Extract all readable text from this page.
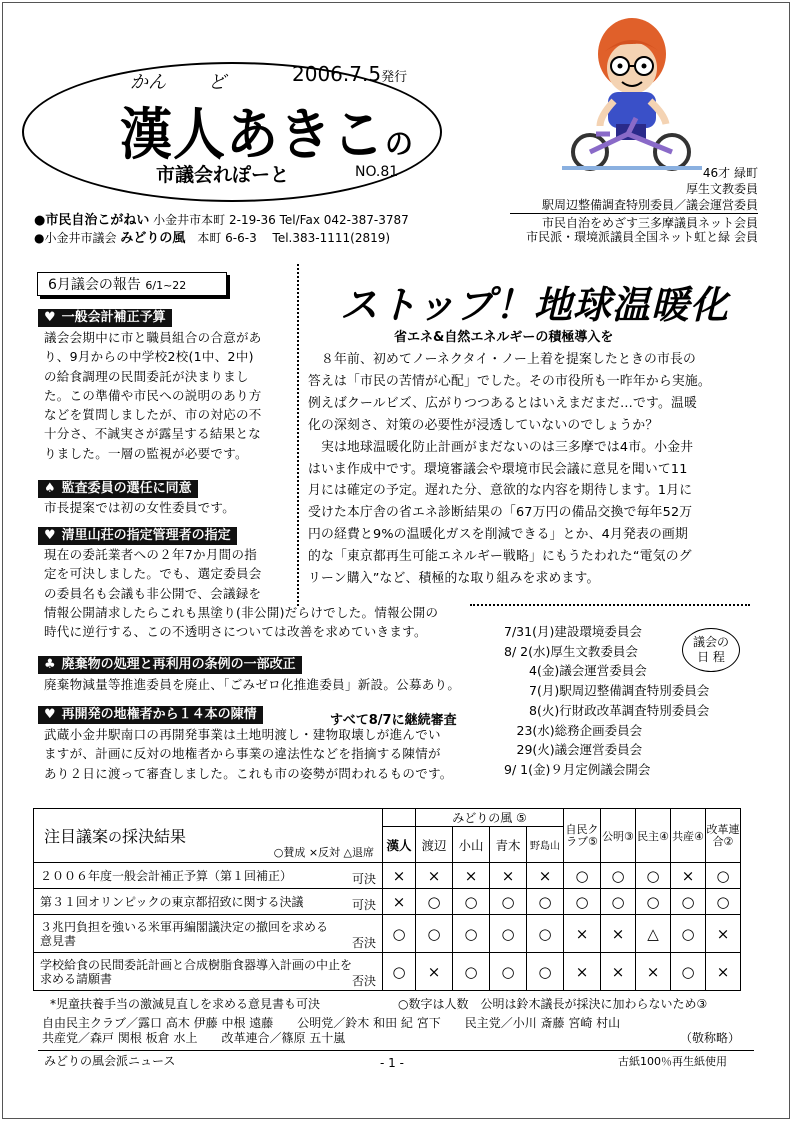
かん ど	2006.7.5発行
漢人あきこの
市議会れぽーと	NO.81
●市民自治こがねい 小金井市本町 2-19-36 Tel/Fax 042-387-3787
●小金井市議会 みどりの風　 本町 6-6-3　 Tel.383-1111(2819)
46才 緑町
厚生文教委員
駅周辺整備調査特別委員／議会運営委員
市民自治をめざす三多摩議員ネット会員
市民派・環境派議員全国ネット虹と緑 会員
6月議会の報告 6/1~22
♥ 一般会計補正予算
議会会期中に市と職員組合の合意があ
り、9月からの中学校2校(1中、2中)
の給食調理の民間委託が決まりまし
た。この準備や市民への説明のあり方
などを質問しましたが、市の対応の不
十分さ、不誠実さが露呈する結果とな
りました。一層の監視が必要です。
♠ 監査委員の選任に同意
市長提案では初の女性委員です。
♥ 清里山荘の指定管理者の指定
現在の委託業者への２年7か月間の指
定を可決しました。でも、選定委員会
の委員名も会議も非公開で、会議録を
情報公開請求したらこれも黒塗り(非公開)だらけでした。情報公開の
時代に逆行する、この不透明さについては改善を求めていきます。
♣ 廃棄物の処理と再利用の条例の一部改正
廃棄物減量等推進委員を廃止、「ごみゼロ化推進委員」新設。公募あり。
♥ 再開発の地権者から１４本の陳情	すべて8/7に継続審査
武蔵小金井駅南口の再開発事業は土地明渡し・建物取壊しが進んでい
ますが、計画に反対の地権者から事業の違法性などを指摘する陳情が
あり２日に渡って審査しました。これも市の姿勢が問われるものです。
ストップ！地球温暖化
省エネ&自然エネルギーの積極導入を
　８年前、初めてノーネクタイ・ノー上着を提案したときの市長の
答えは「市民の苦情が心配」でした。その市役所も一昨年から実施。
例えばクールビズ、広がりつつあるとはいえまだまだ…です。温暖
化の深刻さ、対策の必要性が浸透していないのでしょうか？
　実は地球温暖化防止計画がまだないのは三多摩では4市。小金井
はいま作成中です。環境審議会や環境市民会議に意見を聞いて11
月には確定の予定。遅れた分、意欲的な内容を期待します。1月に
受けた本庁舎の省エネ診断結果の「67万円の備品交換で毎年52万
円の経費と9%の温暖化ガスを削減できる」とか、4月発表の画期
的な「東京都再生可能エネルギー戦略」にもうたわれた“電気のグ
リーン購入”など、積極的な取り組みを求めます。
7/31(月)建設環境委員会
8/ 2(水)厚生文教委員会
　　4(金)議会運営委員会
　　7(月)駅周辺整備調査特別委員会
　　8(火)行財政改革調査特別委員会
　23(水)総務企画委員会
　29(火)議会運営委員会
9/ 1(金)９月定例議会開会
議会の
日 程
注目議案の採決結果
○賛成 ×反対 △退席		みどりの風 ⑤				自民クラブ⑤	公明③	民主④	共産④	改革連合②
	漢人	渡辺	小山	青木	野島山					
２００６年度一般会計補正予算（第１回補正） 可決	×	×	×	×	×	○	○	○	×	○
第３１回オリンピックの東京都招致に関する決議 可決	×	○	○	○	○	○	○	○	○	○

３兆円負担を強いる米軍再編閣議決定の撤回を求める意見書 否決	○	○	○	○	○	×	×	△	○	×

学校給食の民間委託計画と合成樹脂食器導入計画の中止を求める請願書 否決	○	×	○	○	○	×	×	×	○	×
*児童扶養手当の激減見直しを求める意見書も可決	○数字は人数　公明は鈴木議長が採決に加わらないため③
自由民主クラブ／露口 高木 伊藤 中根 遠藤　　公明党／鈴木 和田 紀 宮下　　民主党／小川 斎藤 宮崎 村山
共産党／森戸 関根 板倉 水上　　改革連合／篠原 五十嵐	（敬称略）
みどりの風会派ニュース	- 1 -	古紙100％再生紙使用
